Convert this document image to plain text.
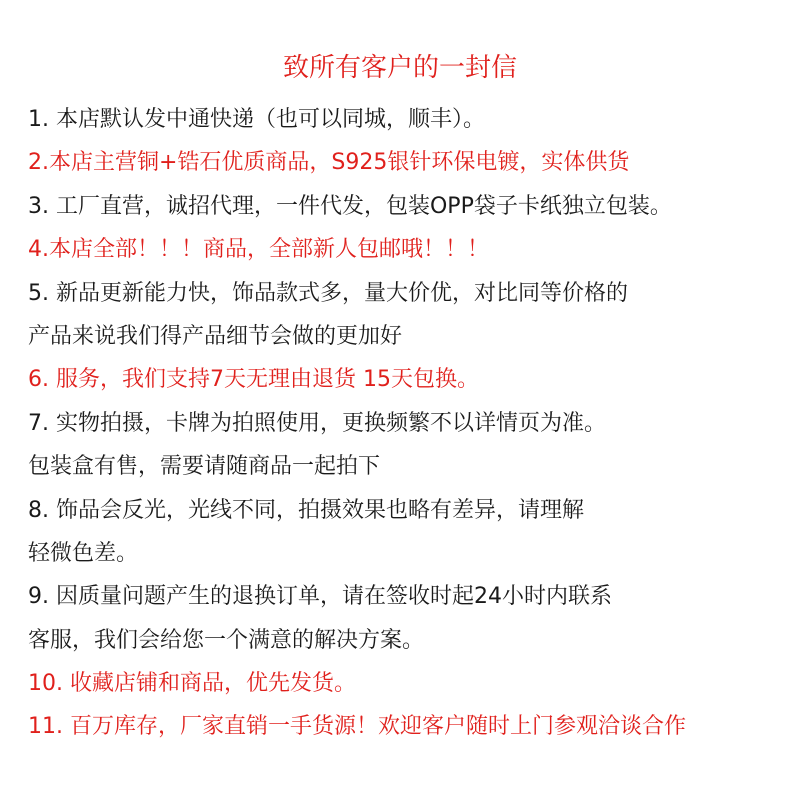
致所有客户的一封信
1. 本店默认发中通快递（也可以同城，顺丰）。
2.本店主营铜+锆石优质商品，S925银针环保电镀，实体供货
3. 工厂直营，诚招代理，一件代发，包装OPP袋子卡纸独立包装。
4.本店全部！！！商品，全部新人包邮哦！！！
5. 新品更新能力快，饰品款式多，量大价优，对比同等价格的
产品来说我们得产品细节会做的更加好
6. 服务，我们支持7天无理由退货 15天包换。
7. 实物拍摄，卡牌为拍照使用，更换频繁不以详情页为准。
包装盒有售，需要请随商品一起拍下
8. 饰品会反光，光线不同，拍摄效果也略有差异，请理解
轻微色差。
9. 因质量问题产生的退换订单，请在签收时起24小时内联系
客服，我们会给您一个满意的解决方案。
10. 收藏店铺和商品，优先发货。
11. 百万库存，厂家直销一手货源！欢迎客户随时上门参观洽谈合作
